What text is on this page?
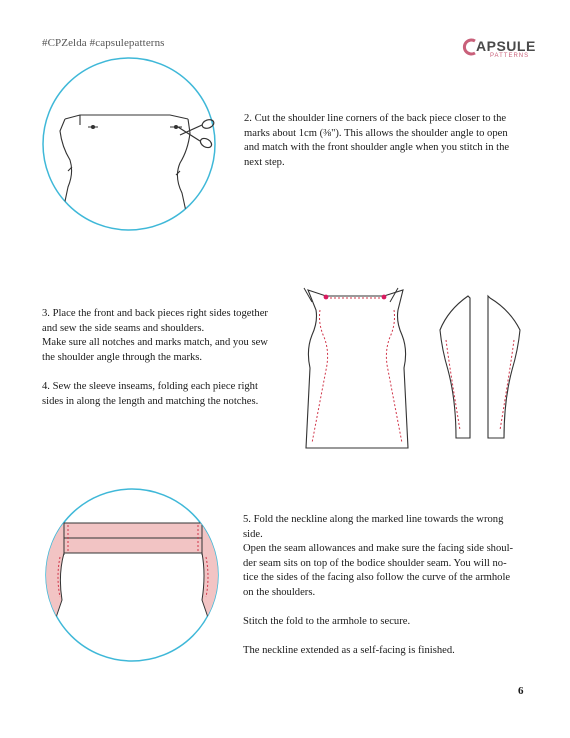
#CPZelda #capsulepatterns	APSULE
PATTERNS

2. Cut the shoulder line corners of the back piece closer to the

marks about 1cm (⅜"). This allows the shoulder angle to open

and match with the front shoulder angle when you stitch in the

next step.

3. Place the front and back pieces right sides together

and sew the side seams and shoulders.

Make sure all notches and marks match, and you sew

the shoulder angle through the marks.

4. Sew the sleeve inseams, folding each piece right

sides in along the length and matching the notches.

5. Fold the neckline along the marked line towards the wrong

side.

Open the seam allowances and make sure the facing side shoul-

der seam sits on top of the bodice shoulder seam. You will no-

tice the sides of the facing also follow the curve of the armhole

on the shoulders.

Stitch the fold to the armhole to secure.

The neckline extended as a self-facing is finished.

6
